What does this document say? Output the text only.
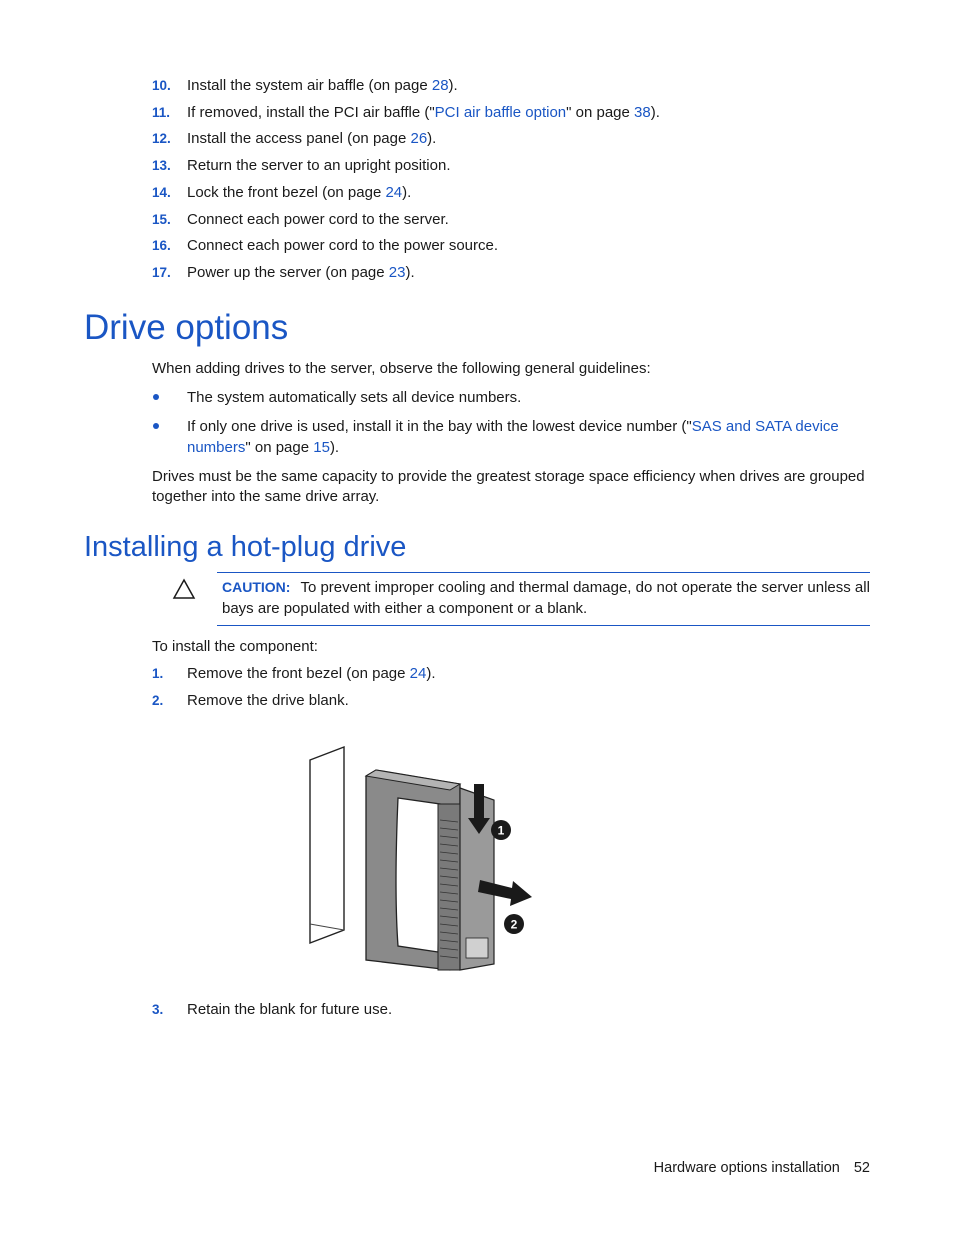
10. Install the system air baffle (on page 28).
11. If removed, install the PCI air baffle ("PCI air baffle option" on page 38).
12. Install the access panel (on page 26).
13. Return the server to an upright position.
14. Lock the front bezel (on page 24).
15. Connect each power cord to the server.
16. Connect each power cord to the power source.
17. Power up the server (on page 23).
Drive options
When adding drives to the server, observe the following general guidelines:
The system automatically sets all device numbers.
If only one drive is used, install it in the bay with the lowest device number ("SAS and SATA device numbers" on page 15).
Drives must be the same capacity to provide the greatest storage space efficiency when drives are grouped together into the same drive array.
Installing a hot-plug drive
CAUTION: To prevent improper cooling and thermal damage, do not operate the server unless all bays are populated with either a component or a blank.
To install the component:
1. Remove the front bezel (on page 24).
2. Remove the drive blank.
1
2
3. Retain the blank for future use.
Hardware options installation 52
